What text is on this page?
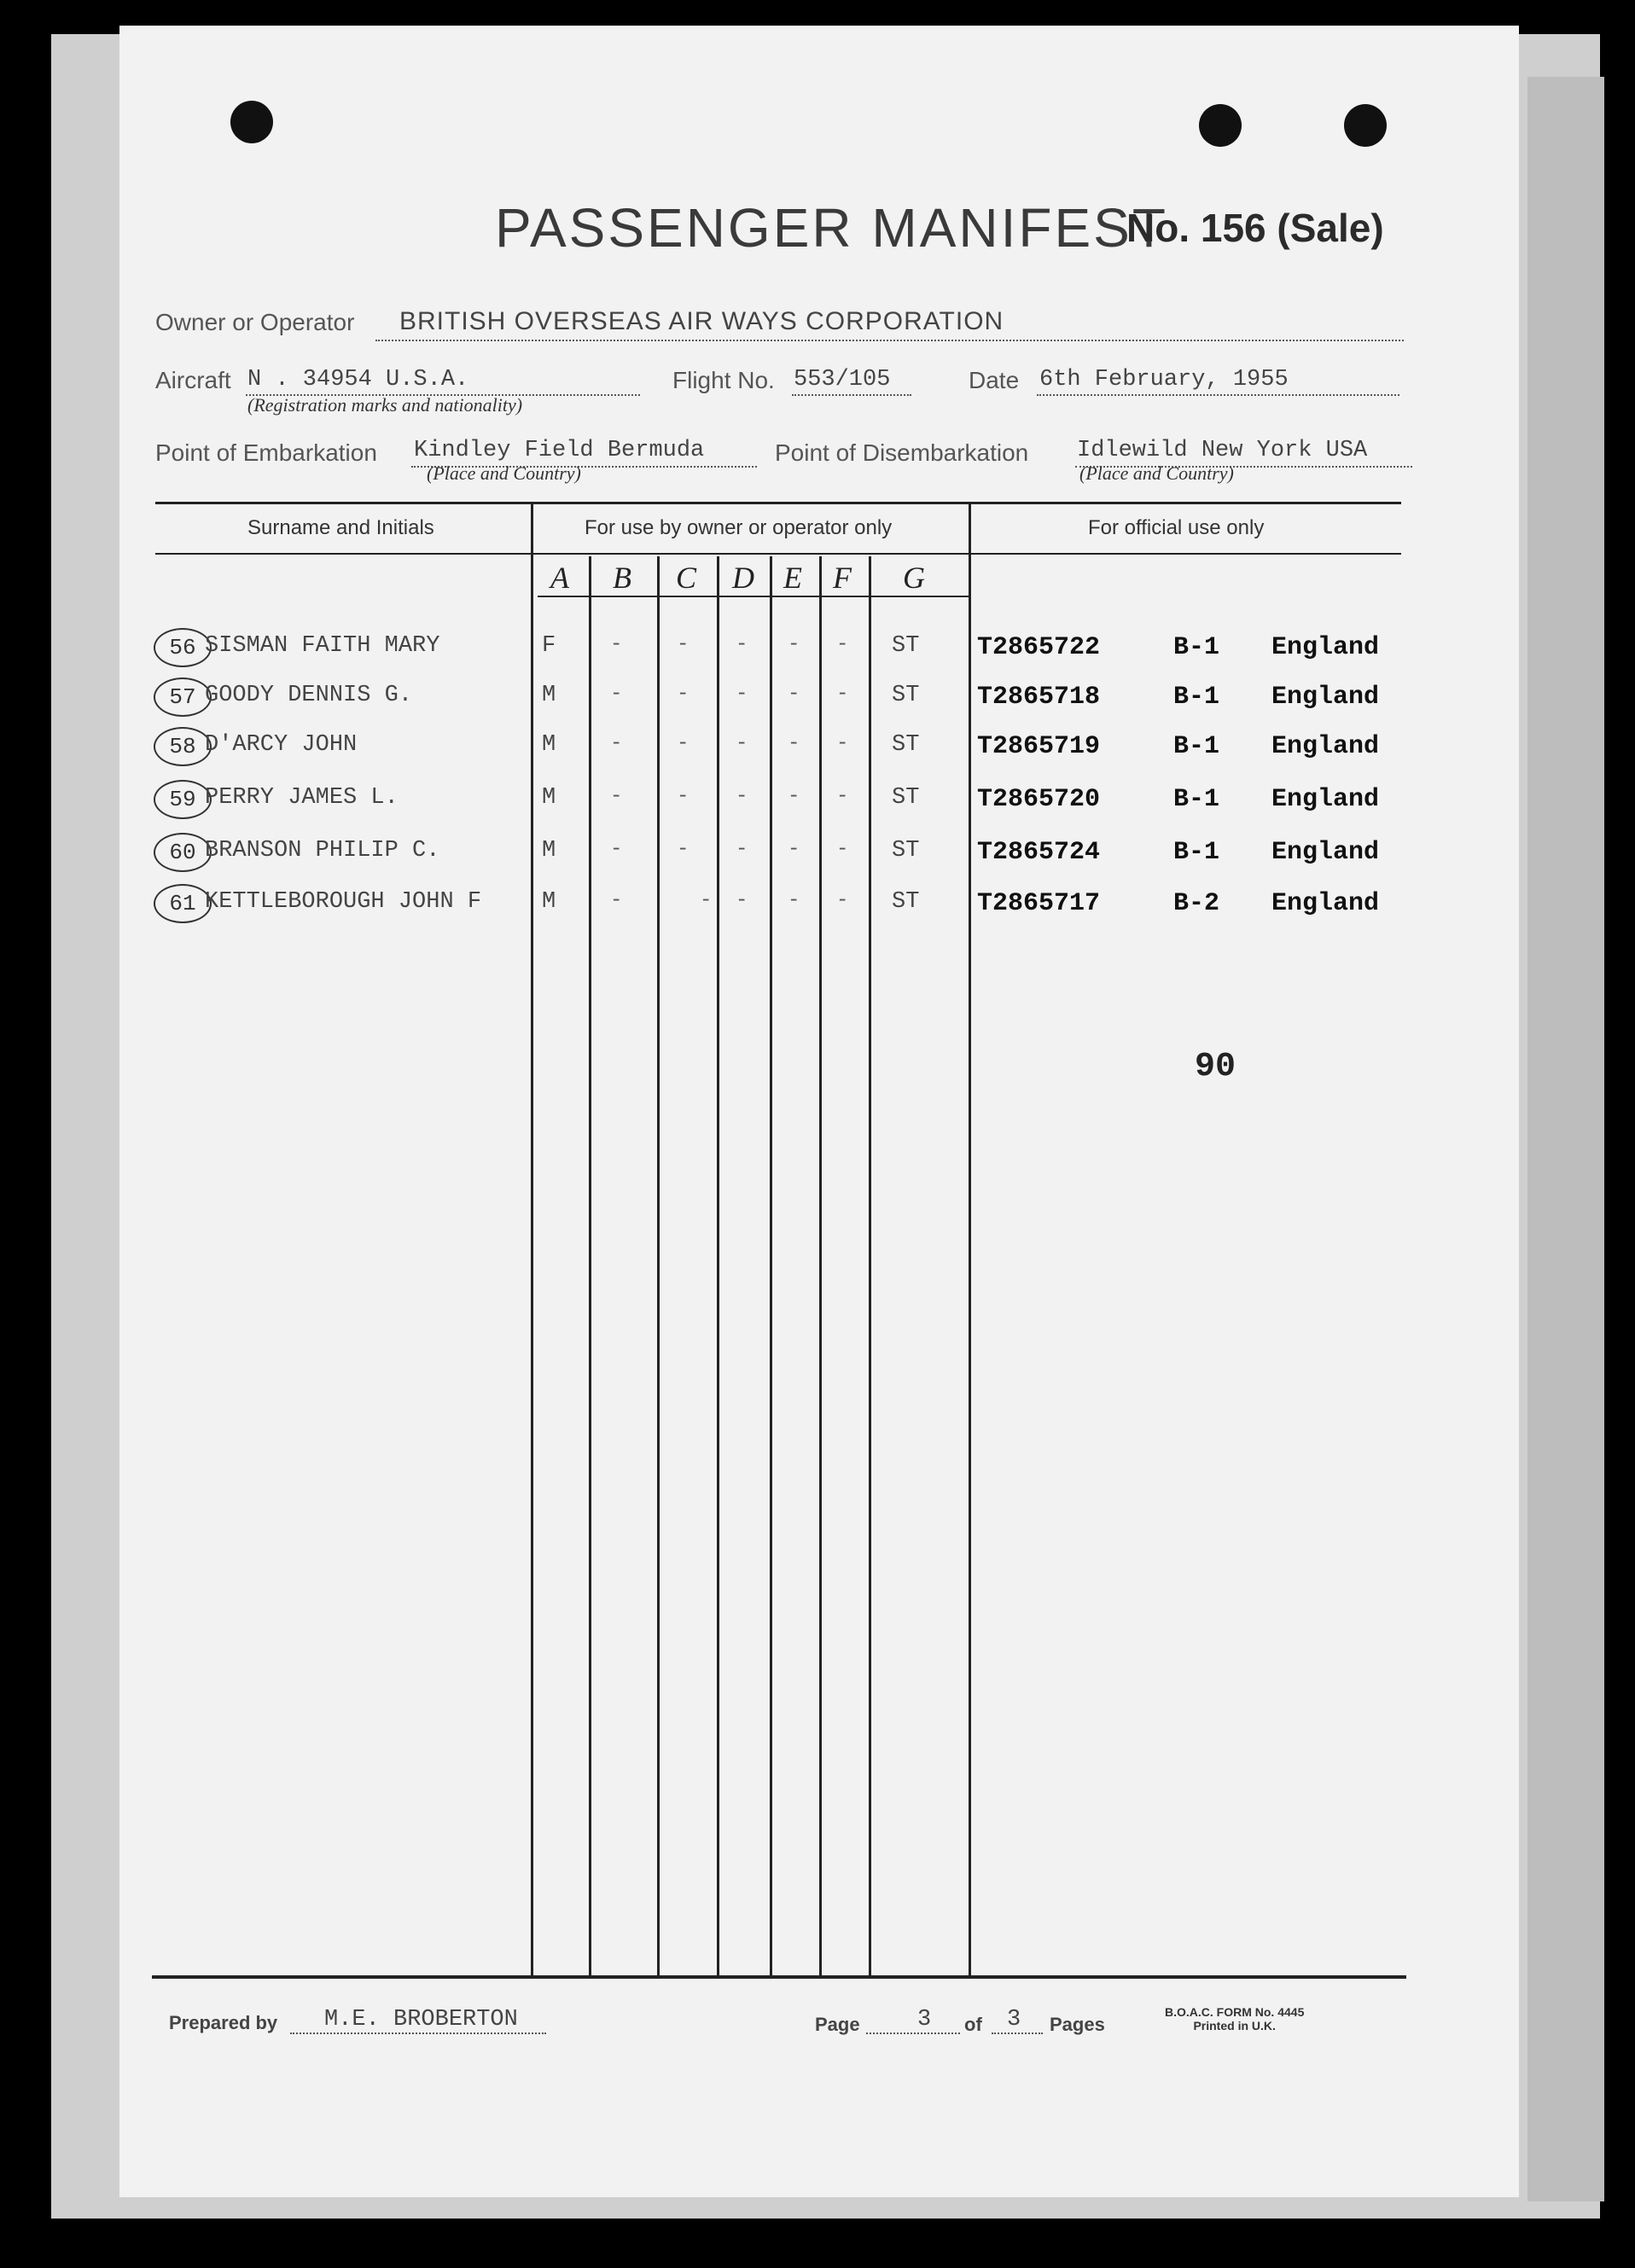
PASSENGER MANIFEST
No. 156 (Sale)
Owner or Operator BRITISH OVERSEAS AIR WAYS CORPORATION
Aircraft N . 34954 U.S.A.
(Registration marks and nationality)
Flight No. 553/105	Date 6th February, 1955
Point of Embarkation Kindley Field Bermuda
(Place and Country)
Point of Disembarkation Idlewild New York USA
(Place and Country)
Surname and Initials	For use by owner or operator only	For official use only
A B C D E F G
56 SISMAN FAITH MARY	F	-	- - - - ST T2865722	B-1 England
57 GOODY DENNIS G.	M	-	- - - - ST T2865718	B-1 England
58 D'ARCY JOHN	M	-	- - - - ST T2865719	B-1 England
59 PERRY JAMES L.	M	-	- - - - ST T2865720	B-1 England
60 BRANSON PHILIP C.	M	-	- - - - ST T2865724	B-1 England
61 KETTLEBOROUGH JOHN F	M	-	- - - - ST T2865717	B-2 England
90
Prepared by M.E. BROBERTON	Page 3 of 3 Pages
B.O.A.C. FORM No. 4445
Printed in U.K.
